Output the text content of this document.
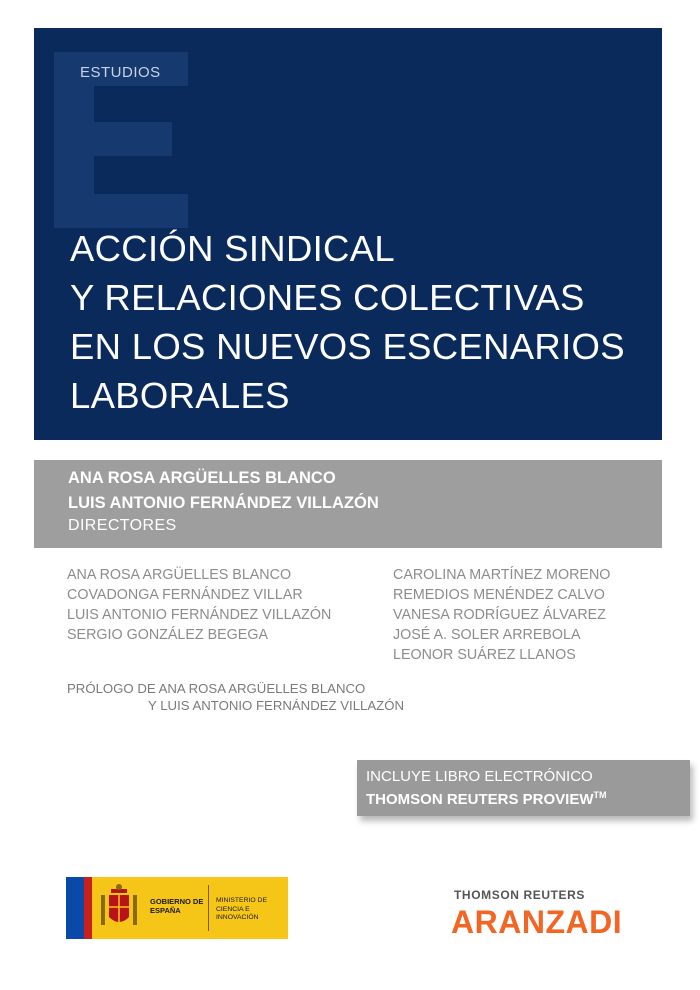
ESTUDIOS
ACCIÓN SINDICAL
Y RELACIONES COLECTIVAS
EN LOS NUEVOS ESCENARIOS
LABORALES
ANA ROSA ARGÜELLES BLANCO
LUIS ANTONIO FERNÁNDEZ VILLAZÓN
DIRECTORES
ANA ROSA ARGÜELLES BLANCO
COVADONGA FERNÁNDEZ VILLAR
LUIS ANTONIO FERNÁNDEZ VILLAZÓN
SERGIO GONZÁLEZ BEGEGA
CAROLINA MARTÍNEZ MORENO
REMEDIOS MENÉNDEZ CALVO
VANESA RODRÍGUEZ ÁLVAREZ
JOSÉ A. SOLER ARREBOLA
LEONOR SUÁREZ LLANOS
PRÓLOGO DE ANA ROSA ARGÜELLES BLANCO
Y LUIS ANTONIO FERNÁNDEZ VILLAZÓN
INCLUYE LIBRO ELECTRÓNICO
THOMSON REUTERS PROVIEW™
GOBIERNO DE ESPAÑA
MINISTERIO DE CIENCIA E INNOVACIÓN
THOMSON REUTERS
ARANZADI
